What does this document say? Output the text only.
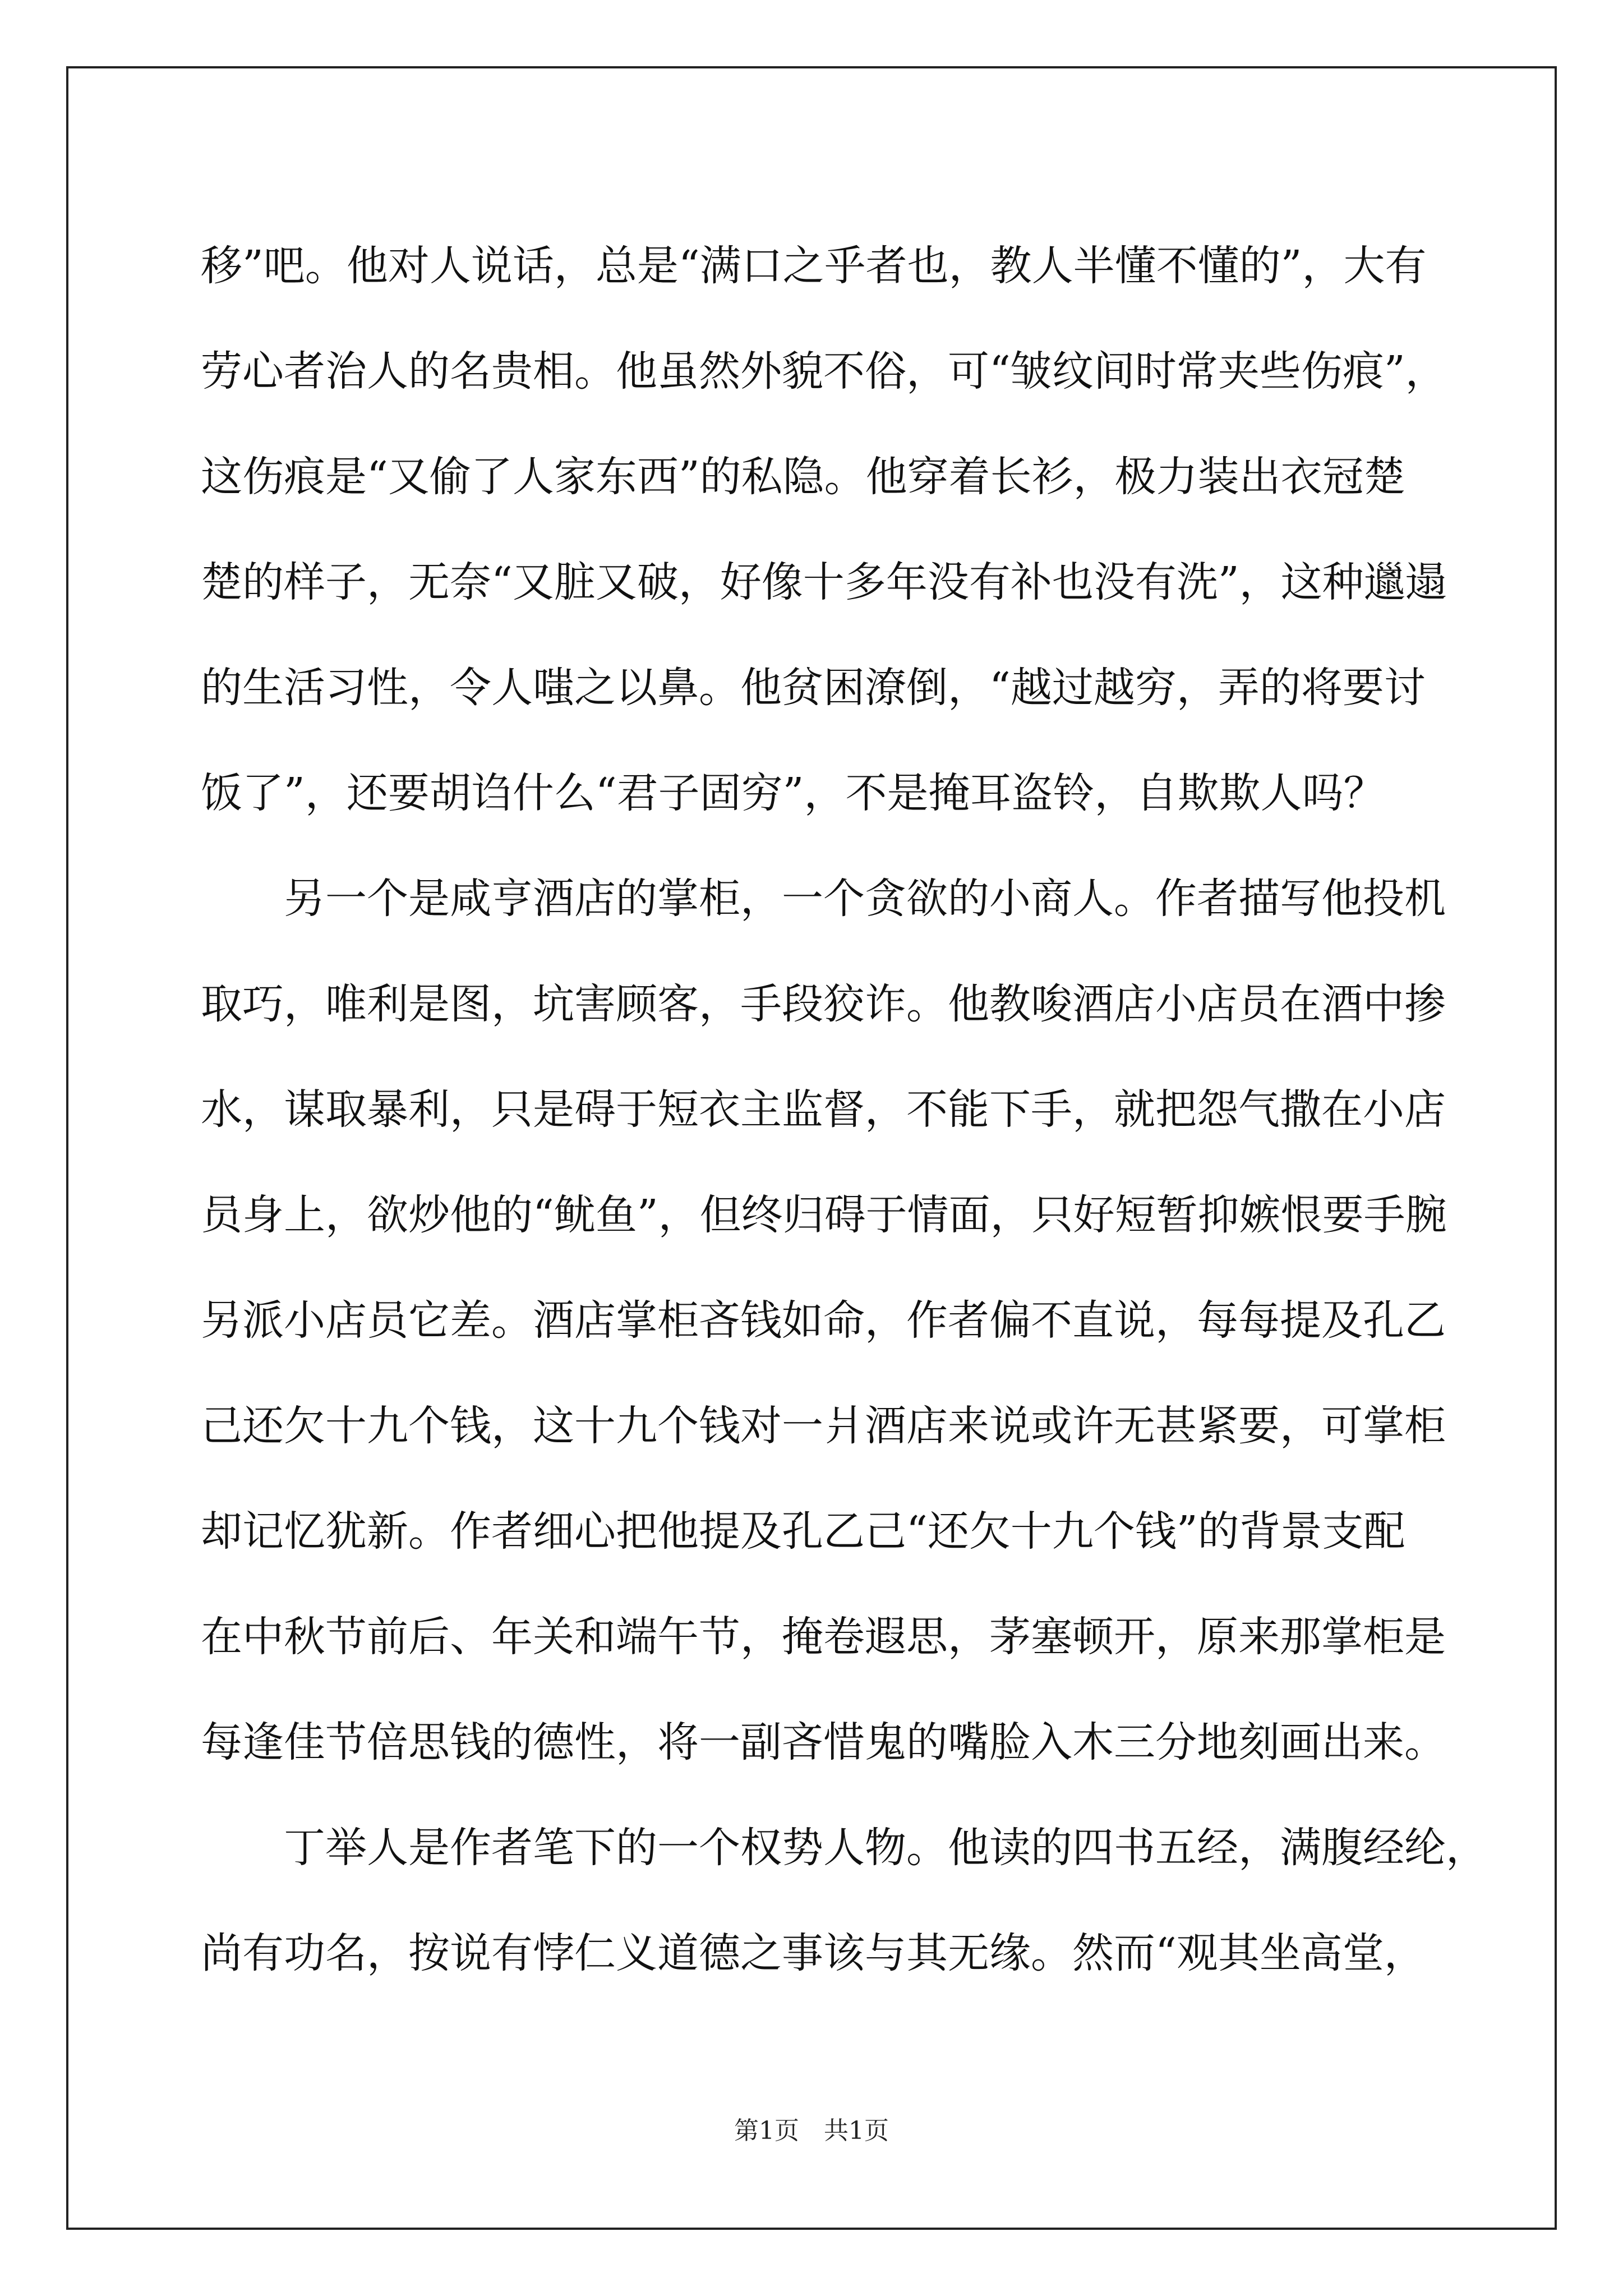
移”吧。他对人说话，总是“满口之乎者也，教人半懂不懂的”，大有
劳心者治人的名贵相。他虽然外貌不俗，可“皱纹间时常夹些伤痕”，
这伤痕是“又偷了人家东西”的私隐。他穿着长衫，极力装出衣冠楚
楚的样子，无奈“又脏又破，好像十多年没有补也没有洗”，这种邋遢
的生活习性，令人嗤之以鼻。他贫困潦倒，“越过越穷，弄的将要讨
饭了”，还要胡诌什么“君子固穷”，不是掩耳盗铃，自欺欺人吗？
另一个是咸亨酒店的掌柜，一个贪欲的小商人。作者描写他投机
取巧，唯利是图，坑害顾客，手段狡诈。他教唆酒店小店员在酒中掺
水，谋取暴利，只是碍于短衣主监督，不能下手，就把怨气撒在小店
员身上，欲炒他的“鱿鱼”，但终归碍于情面，只好短暂抑嫉恨要手腕
另派小店员它差。酒店掌柜吝钱如命，作者偏不直说，每每提及孔乙
己还欠十九个钱，这十九个钱对一爿酒店来说或许无甚紧要，可掌柜
却记忆犹新。作者细心把他提及孔乙己“还欠十九个钱”的背景支配
在中秋节前后、年关和端午节，掩卷遐思，茅塞顿开，原来那掌柜是
每逢佳节倍思钱的德性，将一副吝惜鬼的嘴脸入木三分地刻画出来。
丁举人是作者笔下的一个权势人物。他读的四书五经，满腹经纶，
尚有功名，按说有悖仁义道德之事该与其无缘。然而“观其坐高堂，
第1页 共1页
